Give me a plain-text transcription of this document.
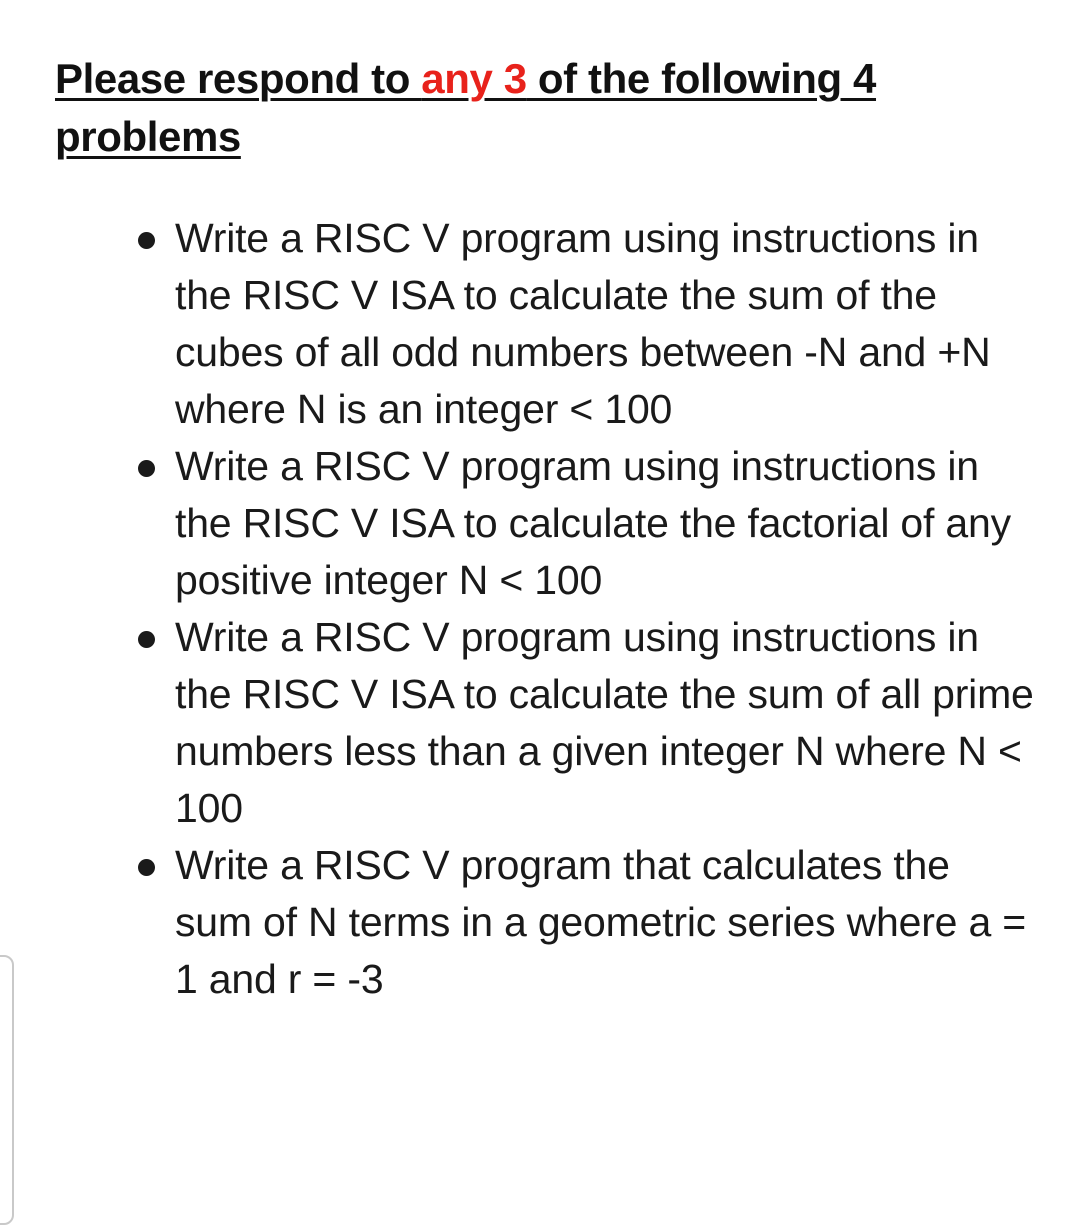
Please respond to any 3 of the following 4 problems
Write a RISC V program using instructions in the RISC V ISA to calculate the sum of the cubes of all odd numbers between -N and +N where N is an integer < 100
Write a RISC V program using instructions in the RISC V ISA to calculate the factorial of any positive integer N < 100
Write a RISC V program using instructions in the RISC V ISA to calculate the sum of all prime numbers less than a given integer N where N < 100
Write a RISC V program that calculates the sum of N terms in a geometric series where a = 1 and r = -3
